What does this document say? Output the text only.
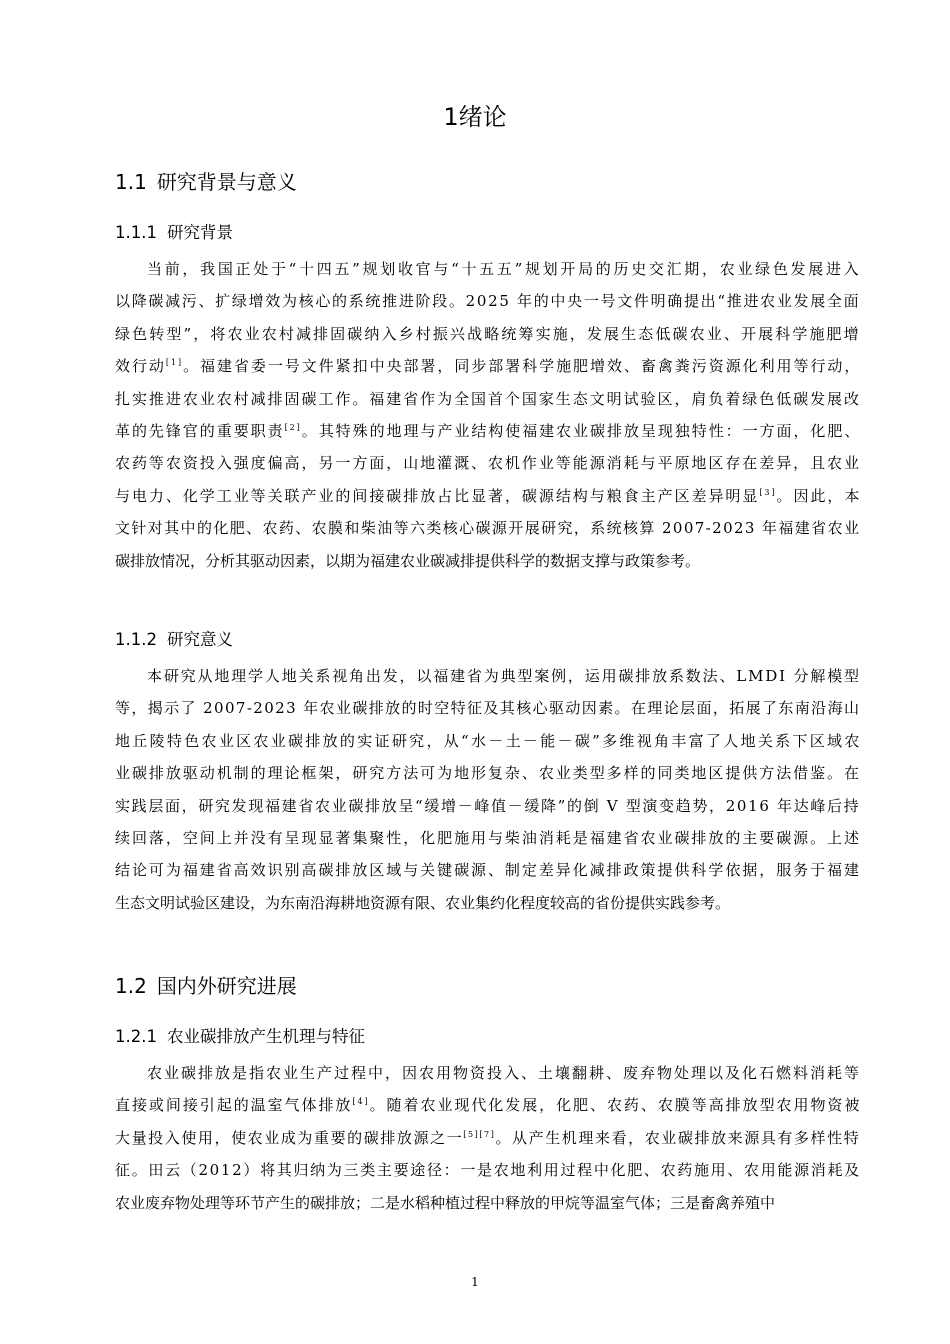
1绪论
1.1 研究背景与意义
1.1.1 研究背景
当前，我国正处于“十四五”规划收官与“十五五”规划开局的历史交汇期，农业绿色发展进入
以降碳减污、扩绿增效为核心的系统推进阶段。2025 年的中央一号文件明确提出“推进农业发展全面
绿色转型”，将农业农村减排固碳纳入乡村振兴战略统筹实施，发展生态低碳农业、开展科学施肥增
效行动[1]。福建省委一号文件紧扣中央部署，同步部署科学施肥增效、畜禽粪污资源化利用等行动，
扎实推进农业农村减排固碳工作。福建省作为全国首个国家生态文明试验区，肩负着绿色低碳发展改
革的先锋官的重要职责[2]。其特殊的地理与产业结构使福建农业碳排放呈现独特性：一方面，化肥、
农药等农资投入强度偏高，另一方面，山地灌溉、农机作业等能源消耗与平原地区存在差异，且农业
与电力、化学工业等关联产业的间接碳排放占比显著，碳源结构与粮食主产区差异明显[3]。因此，本
文针对其中的化肥、农药、农膜和柴油等六类核心碳源开展研究，系统核算 2007-2023 年福建省农业
碳排放情况，分析其驱动因素，以期为福建农业碳减排提供科学的数据支撑与政策参考。
1.1.2 研究意义
本研究从地理学人地关系视角出发，以福建省为典型案例，运用碳排放系数法、LMDI 分解模型
等，揭示了 2007-2023 年农业碳排放的时空特征及其核心驱动因素。在理论层面，拓展了东南沿海山
地丘陵特色农业区农业碳排放的实证研究，从“水－土－能－碳”多维视角丰富了人地关系下区域农
业碳排放驱动机制的理论框架，研究方法可为地形复杂、农业类型多样的同类地区提供方法借鉴。在
实践层面，研究发现福建省农业碳排放呈“缓增－峰值－缓降”的倒 V 型演变趋势，2016 年达峰后持
续回落，空间上并没有呈现显著集聚性，化肥施用与柴油消耗是福建省农业碳排放的主要碳源。上述
结论可为福建省高效识别高碳排放区域与关键碳源、制定差异化减排政策提供科学依据，服务于福建
生态文明试验区建设，为东南沿海耕地资源有限、农业集约化程度较高的省份提供实践参考。
1.2 国内外研究进展
1.2.1 农业碳排放产生机理与特征
农业碳排放是指农业生产过程中，因农用物资投入、土壤翻耕、废弃物处理以及化石燃料消耗等
直接或间接引起的温室气体排放[4]。随着农业现代化发展，化肥、农药、农膜等高排放型农用物资被
大量投入使用，使农业成为重要的碳排放源之一[5][7]。从产生机理来看，农业碳排放来源具有多样性特
征。田云（2012）将其归纳为三类主要途径：一是农地利用过程中化肥、农药施用、农用能源消耗及
农业废弃物处理等环节产生的碳排放；二是水稻种植过程中释放的甲烷等温室气体；三是畜禽养殖中
1
